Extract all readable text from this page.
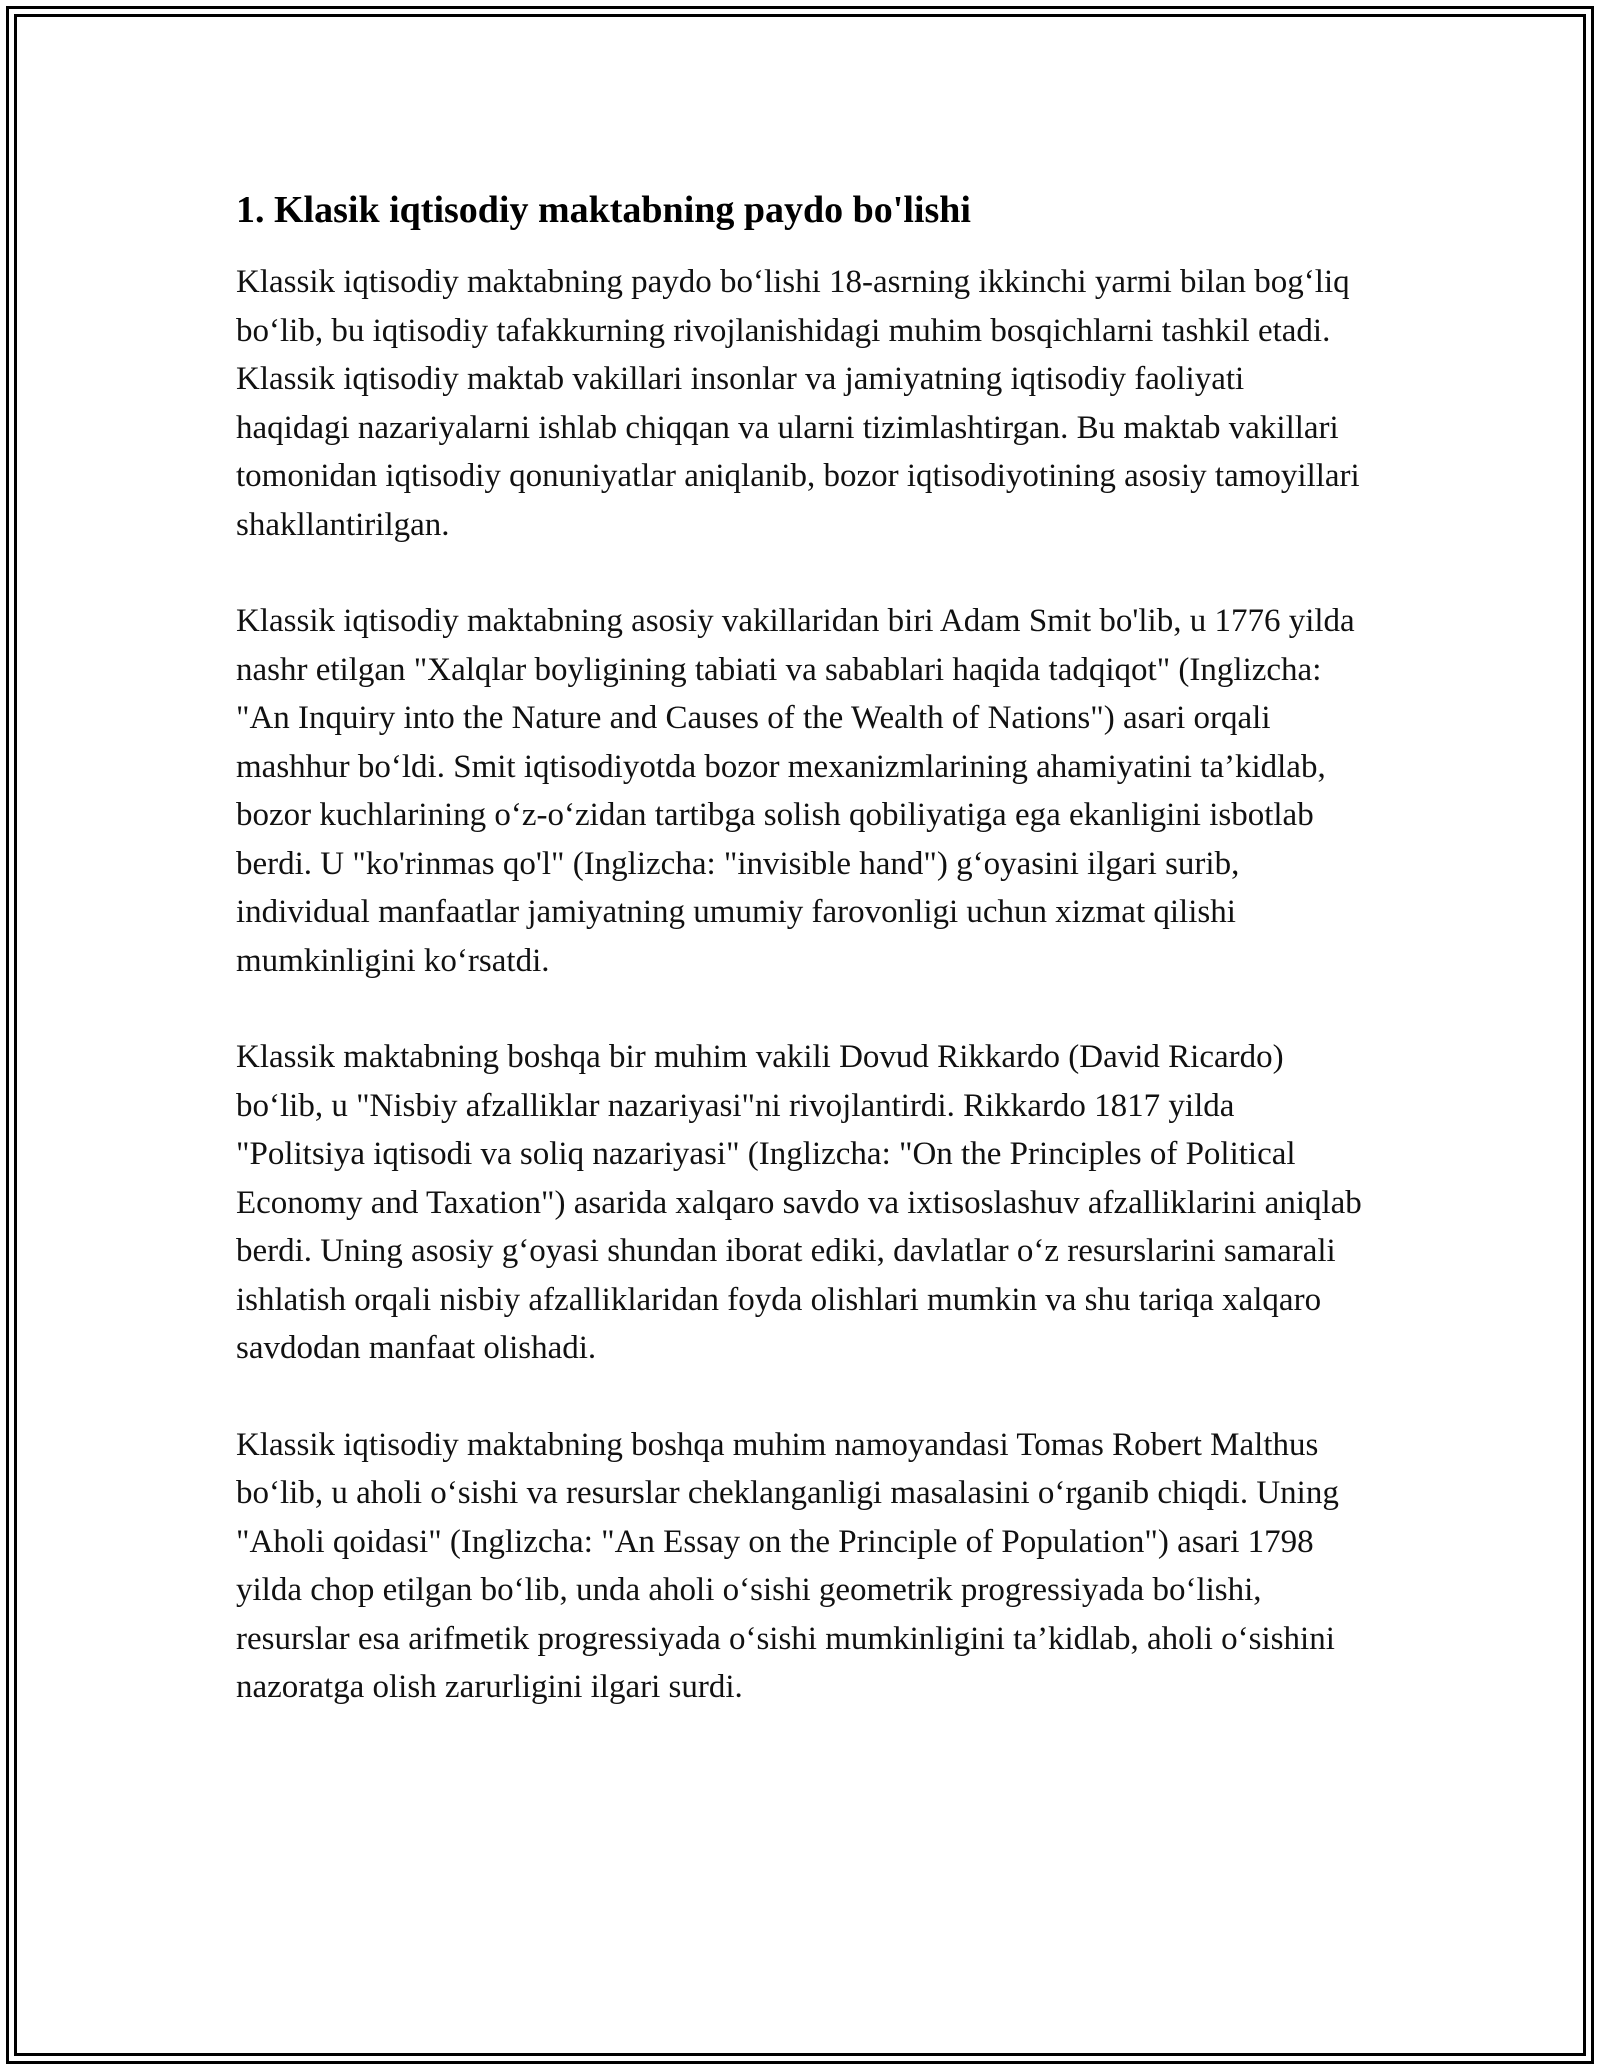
1. Klasik iqtisodiy maktabning paydo bo'lishi

Klassik iqtisodiy maktabning paydo bo‘lishi 18-asrning ikkinchi yarmi bilan bog‘liq bo‘lib, bu iqtisodiy tafakkurning rivojlanishidagi muhim bosqichlarni tashkil etadi. Klassik iqtisodiy maktab vakillari insonlar va jamiyatning iqtisodiy faoliyati haqidagi nazariyalarni ishlab chiqqan va ularni tizimlashtirgan. Bu maktab vakillari tomonidan iqtisodiy qonuniyatlar aniqlanib, bozor iqtisodiyotining asosiy tamoyillari shakllantirilgan.

Klassik iqtisodiy maktabning asosiy vakillaridan biri Adam Smit bo'lib, u 1776 yilda nashr etilgan "Xalqlar boyligining tabiati va sabablari haqida tadqiqot" (Inglizcha: "An Inquiry into the Nature and Causes of the Wealth of Nations") asari orqali mashhur bo‘ldi. Smit iqtisodiyotda bozor mexanizmlarining ahamiyatini ta’kidlab, bozor kuchlarining o‘z-o‘zidan tartibga solish qobiliyatiga ega ekanligini isbotlab berdi. U "ko'rinmas qo'l" (Inglizcha: "invisible hand") g‘oyasini ilgari surib, individual manfaatlar jamiyatning umumiy farovonligi uchun xizmat qilishi mumkinligini ko‘rsatdi.

Klassik maktabning boshqa bir muhim vakili Dovud Rikkardo (David Ricardo) bo‘lib, u "Nisbiy afzalliklar nazariyasi"ni rivojlantirdi. Rikkardo 1817 yilda "Politsiya iqtisodi va soliq nazariyasi" (Inglizcha: "On the Principles of Political Economy and Taxation") asarida xalqaro savdo va ixtisoslashuv afzalliklarini aniqlab berdi. Uning asosiy g‘oyasi shundan iborat ediki, davlatlar o‘z resurslarini samarali ishlatish orqali nisbiy afzalliklaridan foyda olishlari mumkin va shu tariqa xalqaro savdodan manfaat olishadi.

Klassik iqtisodiy maktabning boshqa muhim namoyandasi Tomas Robert Malthus bo‘lib, u aholi o‘sishi va resurslar cheklanganligi masalasini o‘rganib chiqdi. Uning "Aholi qoidasi" (Inglizcha: "An Essay on the Principle of Population") asari 1798 yilda chop etilgan bo‘lib, unda aholi o‘sishi geometrik progressiyada bo‘lishi, resurslar esa arifmetik progressiyada o‘sishi mumkinligini ta’kidlab, aholi o‘sishini nazoratga olish zarurligini ilgari surdi.
